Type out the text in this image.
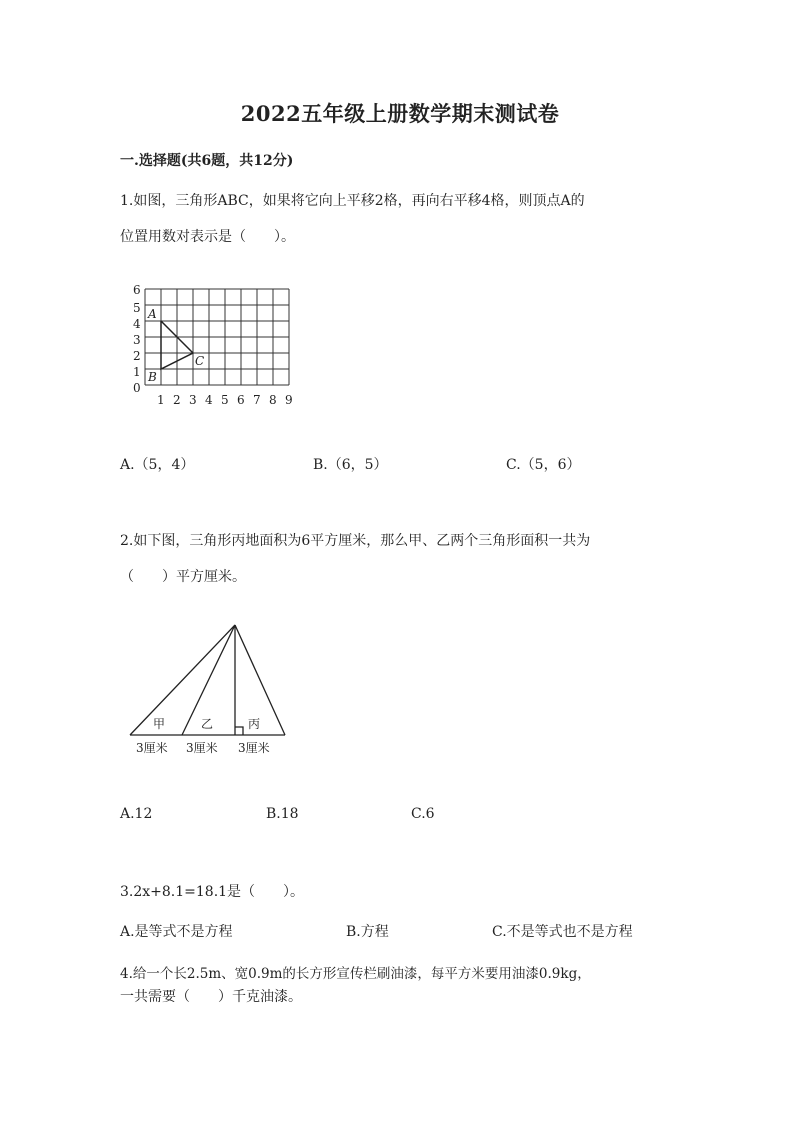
2022五年级上册数学期末测试卷
一.选择题(共6题，共12分)
1.如图，三角形ABC，如果将它向上平移2格，再向右平移4格，则顶点A的
位置用数对表示是（　　）。
0
1
2
3
4
5
6
1 2 3 4 5 6 7 8 9
A
B
C
A.（5，4）	B.（6，5）	C.（5，6）
2.如下图，三角形丙地面积为6平方厘米，那么甲、乙两个三角形面积一共为
（　　）平方厘米。
甲	乙	丙
3厘米 3厘米 3厘米
A.12	B.18	C.6
3.2x+8.1=18.1是（　　）。
A.是等式不是方程	B.方程	C.不是等式也不是方程
4.给一个长2.5m、宽0.9m的长方形宣传栏刷油漆，每平方米要用油漆0.9kg，
一共需要（　　）千克油漆。
